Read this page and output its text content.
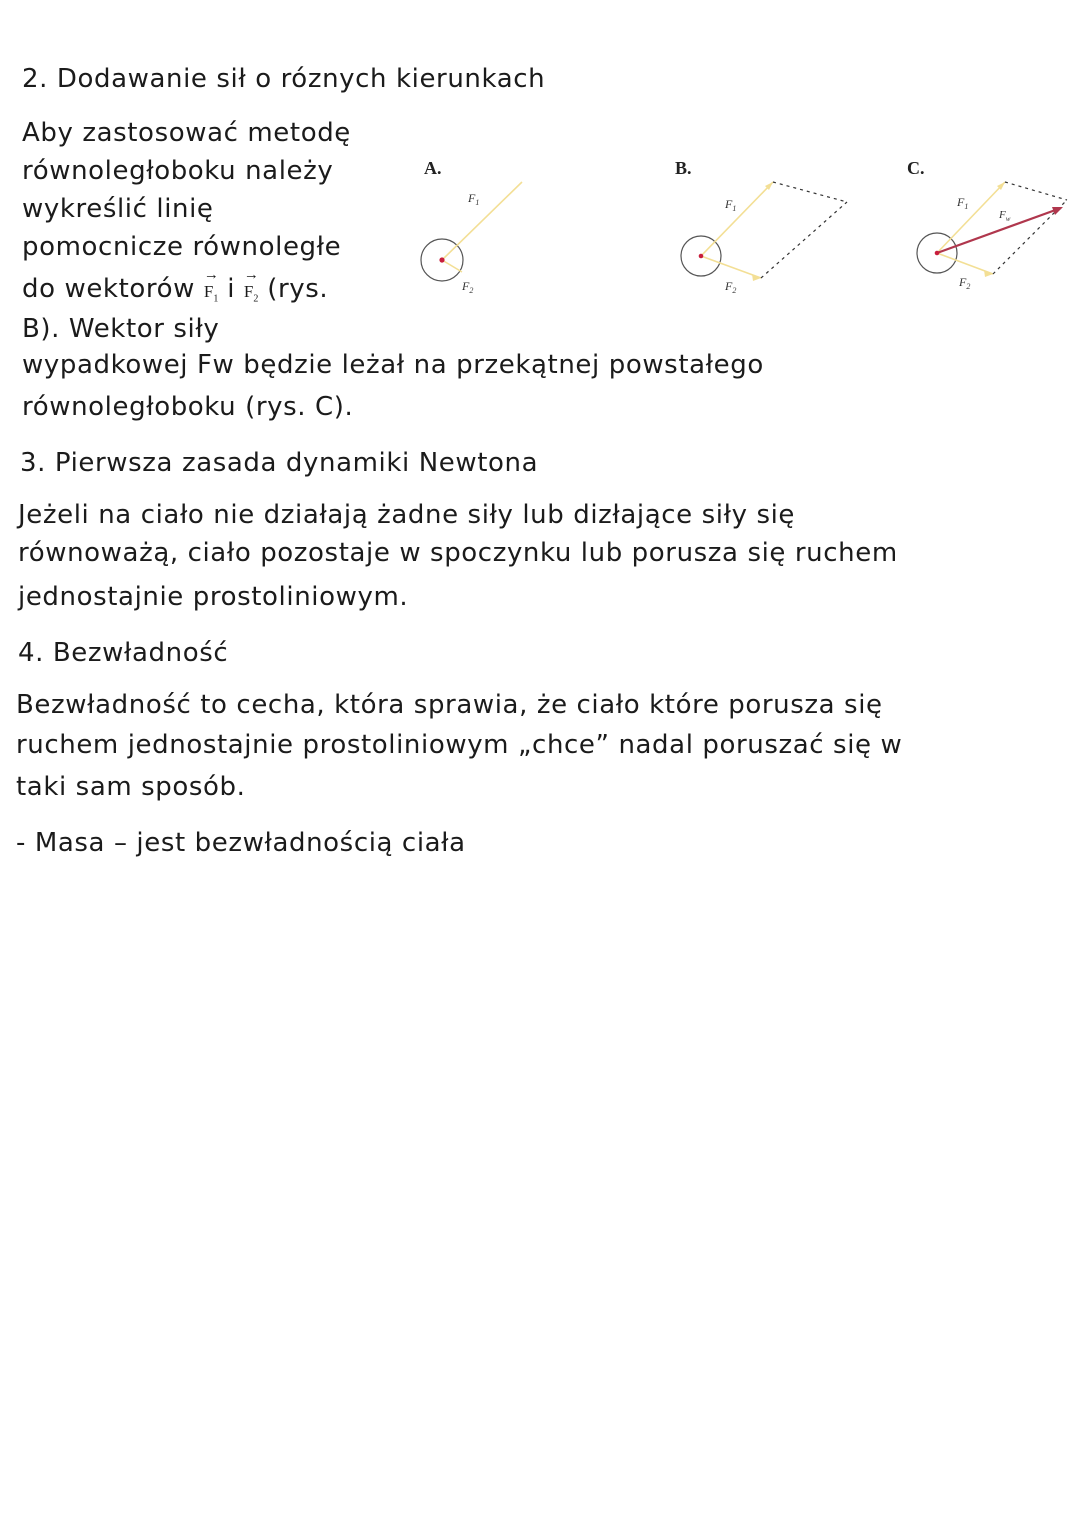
2. Dodawanie sił o róznych kierunkach

Aby zastosować metodę

równoległoboku należy

wykreślić linię

pomocnicze równoległe

do wektorów → $F_1$ $i \to F_2$ (rys.

B). Wektor siły

wypadkowej Fw będzie leżał na przekątnej powstałego

równoległoboku (rys. C).

A.
$F_1$
$F_2$
B.
$F_1$
$F_2$
C.
$F_1$
$F_w$
$F_2$

3. Pierwsza zasada dynamiki Newtona

Jeżeli na ciało nie działają żadne siły lub dizłające siły się

równoważą, ciało pozostaje w spoczynku lub porusza się ruchem

jednostajnie prostoliniowym.

4. Bezwładność

Bezwładność to cecha, która sprawia, że ciało które porusza się

ruchem jednostajnie prostoliniowym „chce” nadal poruszać się w

taki sam sposób.

- Masa – jest bezwładnością ciała
